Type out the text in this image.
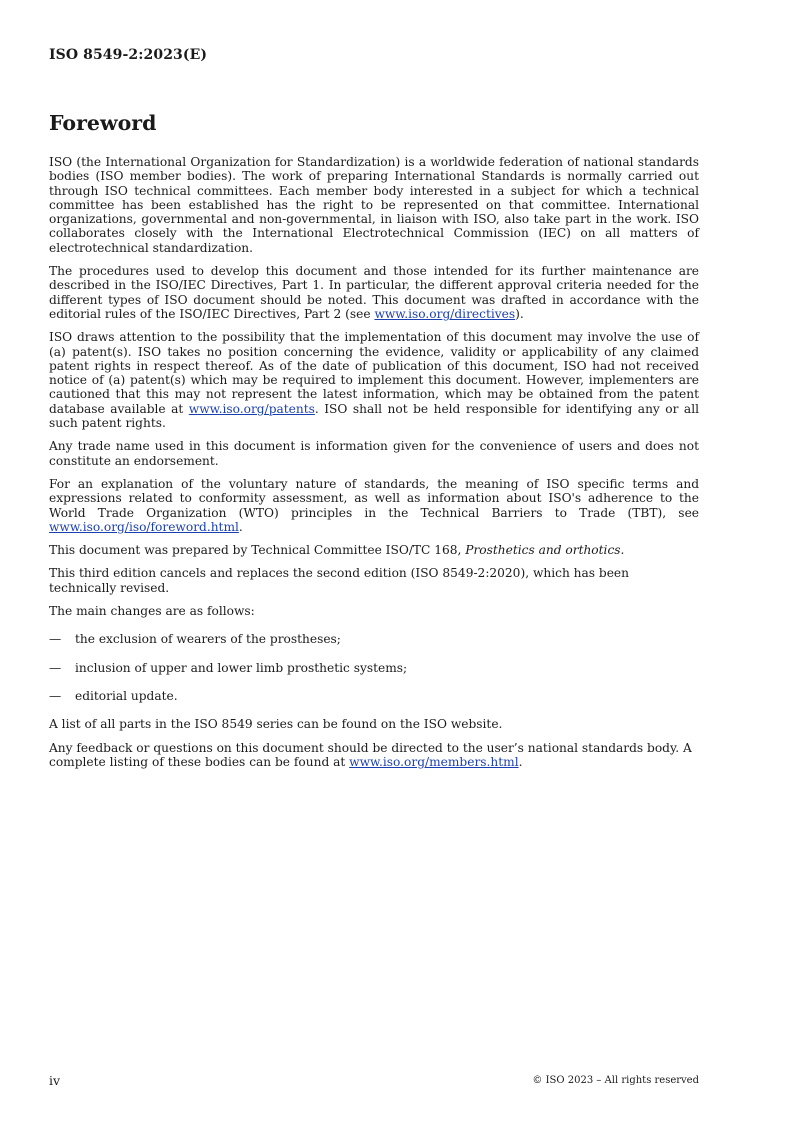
ISO 8549-2:2023(E)
Foreword

ISO (the International Organization for Standardization) is a worldwide federation of national standards bodies (ISO member bodies). The work of preparing International Standards is normally carried out through ISO technical committees. Each member body interested in a subject for which a technical committee has been established has the right to be represented on that committee. International organizations, governmental and non-governmental, in liaison with ISO, also take part in the work. ISO collaborates closely with the International Electrotechnical Commission (IEC) on all matters of electrotechnical standardization.

The procedures used to develop this document and those intended for its further maintenance are described in the ISO/IEC Directives, Part 1. In particular, the different approval criteria needed for the different types of ISO document should be noted. This document was drafted in accordance with the editorial rules of the ISO/IEC Directives, Part 2 (see www.iso.org/directives).

ISO draws attention to the possibility that the implementation of this document may involve the use of (a) patent(s). ISO takes no position concerning the evidence, validity or applicability of any claimed patent rights in respect thereof. As of the date of publication of this document, ISO had not received notice of (a) patent(s) which may be required to implement this document. However, implementers are cautioned that this may not represent the latest information, which may be obtained from the patent database available at www.iso.org/patents. ISO shall not be held responsible for identifying any or all such patent rights.

Any trade name used in this document is information given for the convenience of users and does not constitute an endorsement.

For an explanation of the voluntary nature of standards, the meaning of ISO specific terms and expressions related to conformity assessment, as well as information about ISO's adherence to the World Trade Organization (WTO) principles in the Technical Barriers to Trade (TBT), see www.iso.org/iso/foreword.html.

This document was prepared by Technical Committee ISO/TC 168, Prosthetics and orthotics.

This third edition cancels and replaces the second edition (ISO 8549-2:2020), which has been technically revised.

The main changes are as follows:

—	the exclusion of wearers of the prostheses;
—	inclusion of upper and lower limb prosthetic systems;
—	editorial update.

A list of all parts in the ISO 8549 series can be found on the ISO website.

Any feedback or questions on this document should be directed to the user’s national standards body. A complete listing of these bodies can be found at www.iso.org/members.html.

iv	© ISO 2023 – All rights reserved
